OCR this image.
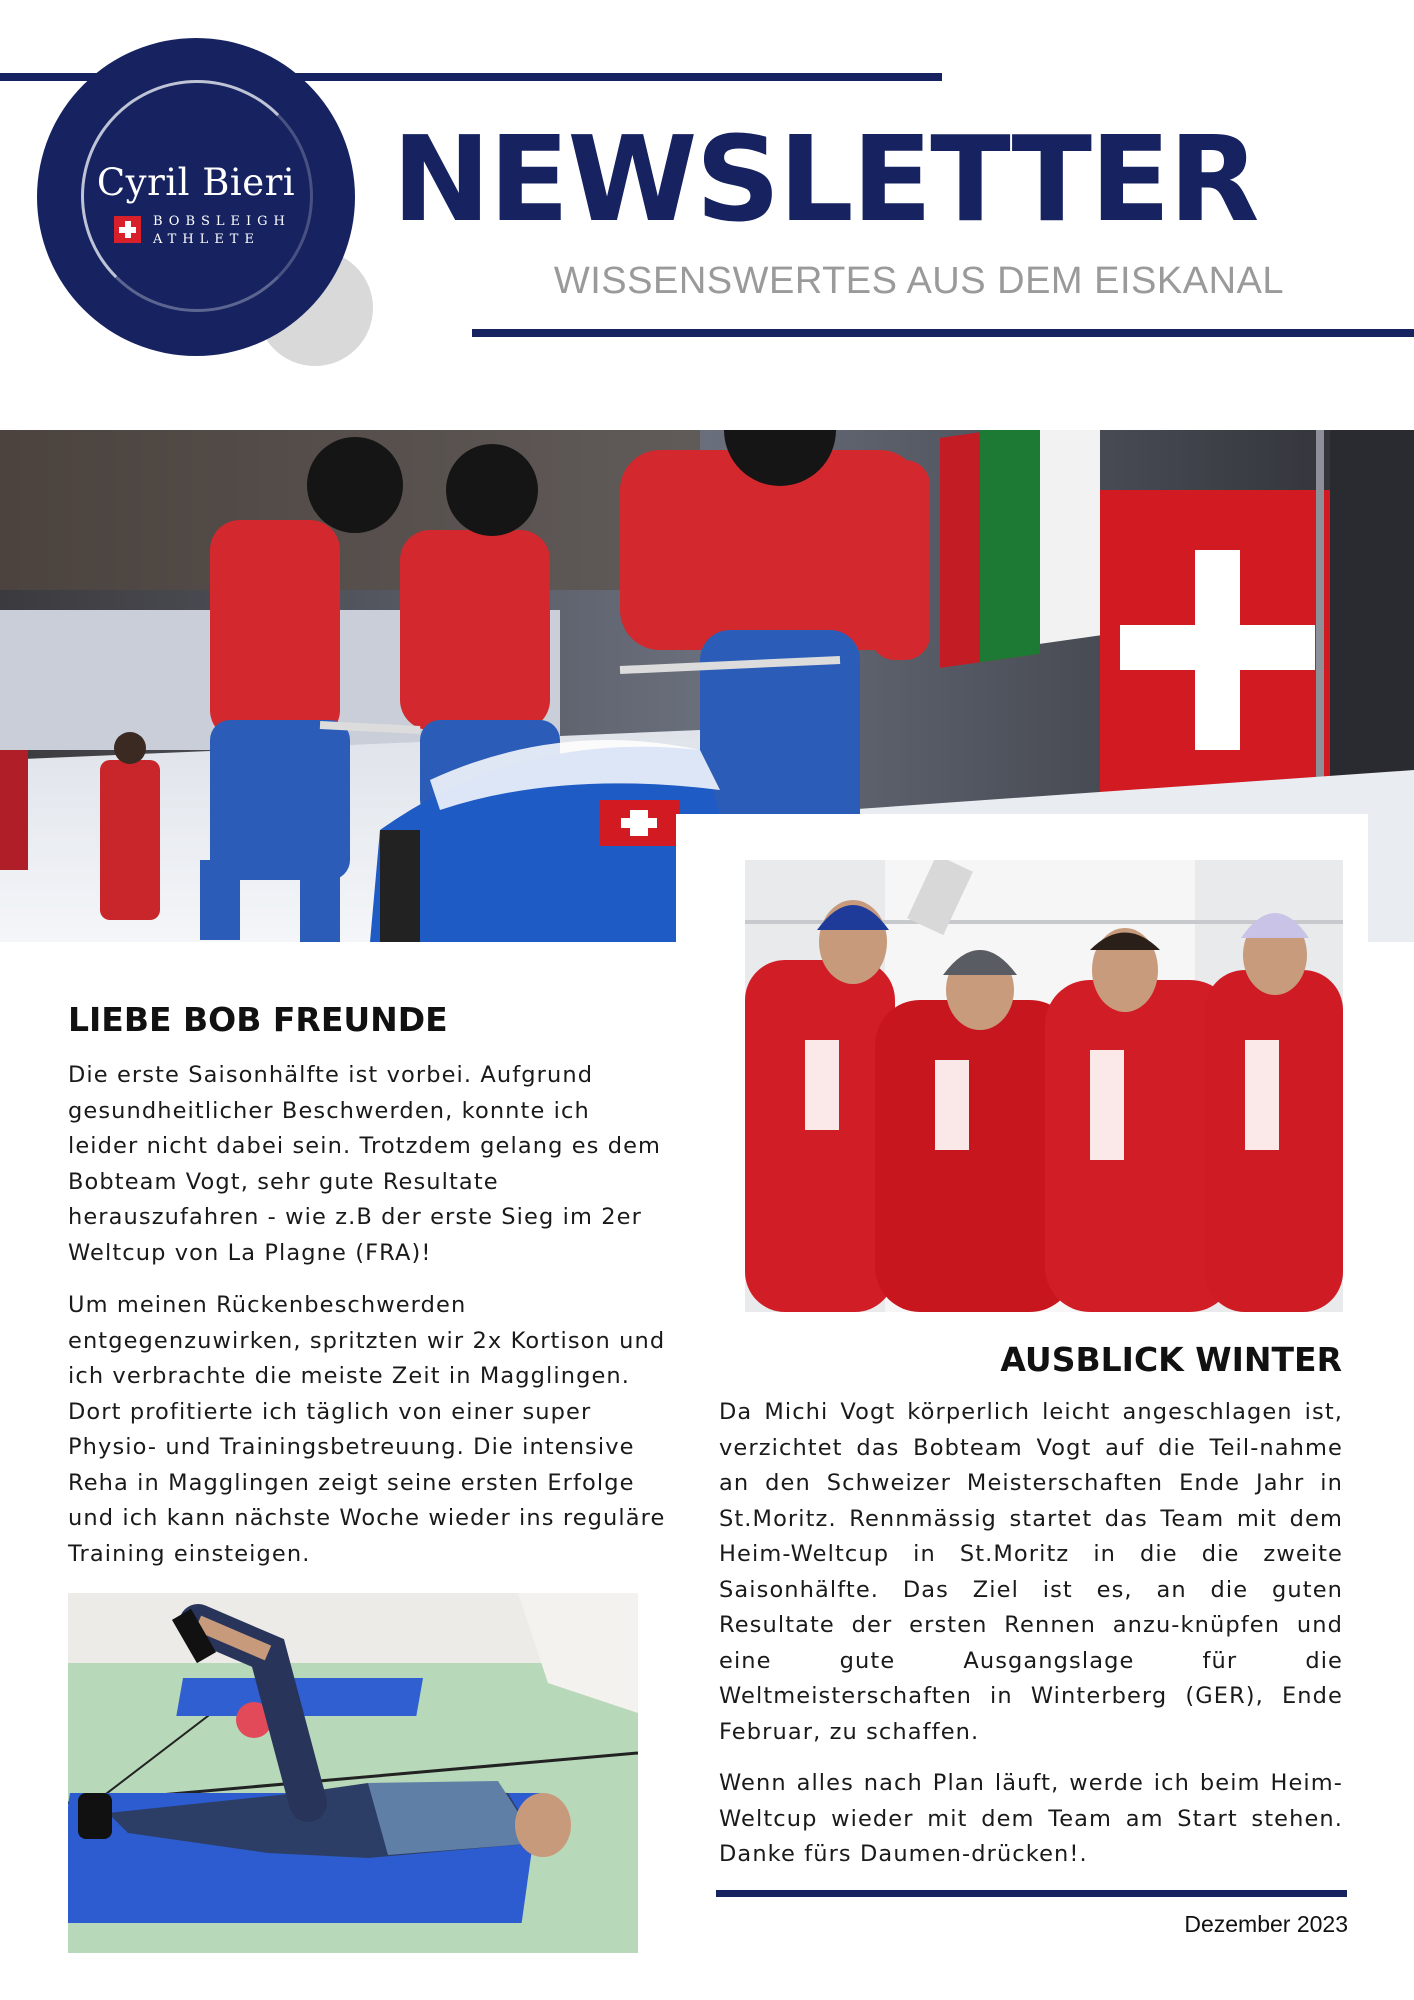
Cyril Bieri
BOBSLEIGH
ATHLETE NEWSLETTER
WISSENSWERTES AUS DEM EISKANAL
LIEBE BOB FREUNDE

Die erste Saisonhälfte ist vorbei. Aufgrund gesundheitlicher Beschwerden, konnte ich leider nicht dabei sein. Trotzdem gelang es dem Bobteam Vogt, sehr gute Resultate herauszufahren - wie z.B der erste Sieg im 2er Weltcup von La Plagne (FRA)!

Um meinen Rückenbeschwerden entgegenzuwirken, spritzten wir 2x Kortison und ich verbrachte die meiste Zeit in Magglingen. Dort profitierte ich täglich von einer super Physio- und Trainingsbetreuung. Die intensive Reha in Magglingen zeigt seine ersten Erfolge und ich kann nächste Woche wieder ins reguläre Training einsteigen.

AUSBLICK WINTER

Da Michi Vogt körperlich leicht angeschlagen ist, verzichtet das Bobteam Vogt auf die Teil-nahme an den Schweizer Meisterschaften Ende Jahr in St.Moritz. Rennmässig startet das Team mit dem Heim-Weltcup in St.Moritz in die die zweite Saisonhälfte. Das Ziel ist es, an die guten Resultate der ersten Rennen anzu-knüpfen und eine gute Ausgangslage für die Weltmeisterschaften in Winterberg (GER), Ende Februar, zu schaffen.

Wenn alles nach Plan läuft, werde ich beim Heim-Weltcup wieder mit dem Team am Start stehen. Danke fürs Daumen-drücken!.

Dezember 2023
